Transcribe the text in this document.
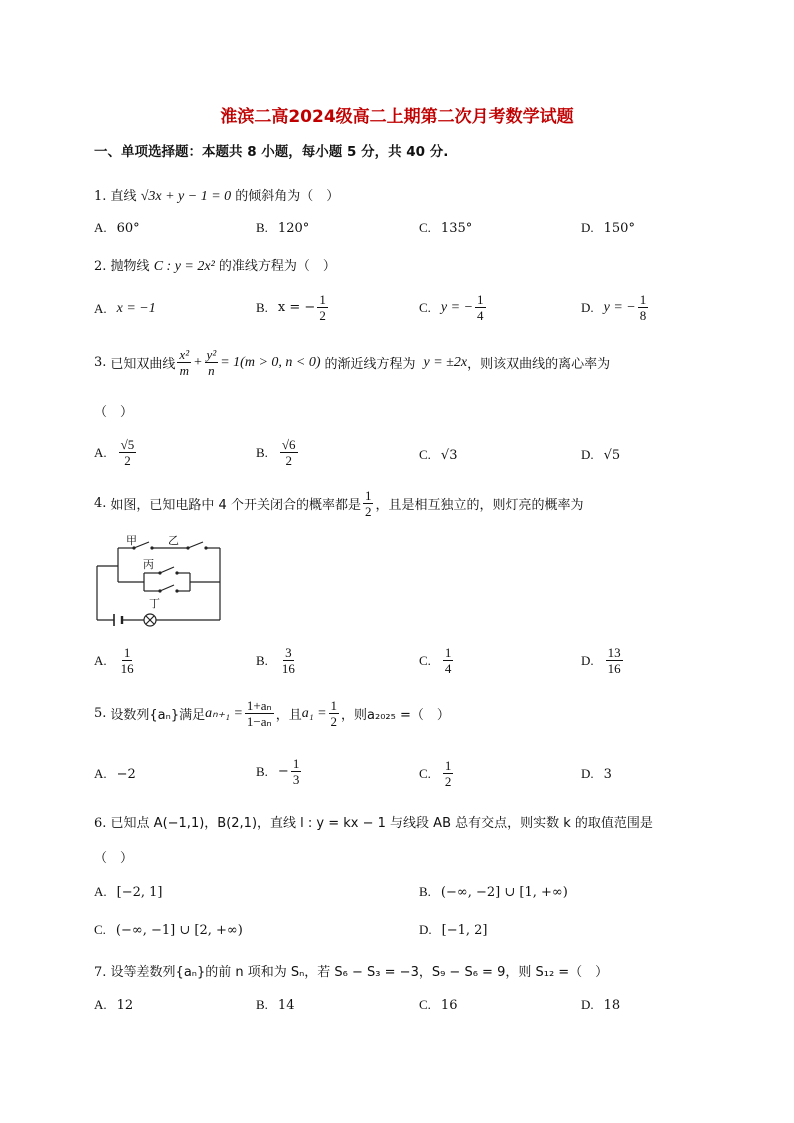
淮滨二高2024级高二上期第二次月考数学试题
一、单项选择题：本题共 8 小题，每小题 5 分，共 40 分.
1. 直线 √3x + y − 1 = 0 的倾斜角为（　）
A. 60°	B. 120°	C. 135°	D. 150°
2. 抛物线 C : y = 2x² 的准线方程为（　）
A. x = −1	B. x = − $\frac{1}{2}$	C. y = − $\frac{1}{4}$	D. y = − $\frac{1}{8}$
3. 已知双曲线 $\frac{\text{x²}}{m} + \frac{\text{y²}}{n} = 1(m > 0$, n < 0) 的渐近线方程为 y = ±2x ，则该双曲线的离心率为
（　）
A. $\frac{√5}{2}$	B. $\frac{√6}{2}$	C. √3	D. √5
4. 如图，已知电路中 4 个开关闭合的概率都是 $\frac{1}{2}$ ，且是相互独立的，则灯亮的概率为
甲	乙
丙
丁
A. $\frac{1}{16}$	B. $\frac{3}{16}$	C. $\frac{1}{4}$	D. $\frac{13}{16}$
5. 设数列{aₙ}满足 $a_{n+1} = \frac{\text{1+aₙ}}{\text{1−aₙ}}$ ，且 $a_1 = \frac{1}{2}$ ，则a₂₀₂₅ =（　）
A. −2	B. − $\frac{1}{3}$	C. $\frac{1}{2}$	D. 3
6. 已知点 A(−1,1)，B(2,1)，直线 l : y = kx − 1 与线段 AB 总有交点，则实数 k 的取值范围是
（　）
A. [−2, 1]	B. (−∞, −2] ∪ [1, +∞)
C. (−∞, −1] ∪ [2, +∞)	D. [−1, 2]
7. 设等差数列{aₙ}的前 n 项和为 Sₙ，若 S₆ − S₃ = −3，S₉ − S₆ = 9，则 S₁₂ =（　）
A. 12	B. 14	C. 16	D. 18
